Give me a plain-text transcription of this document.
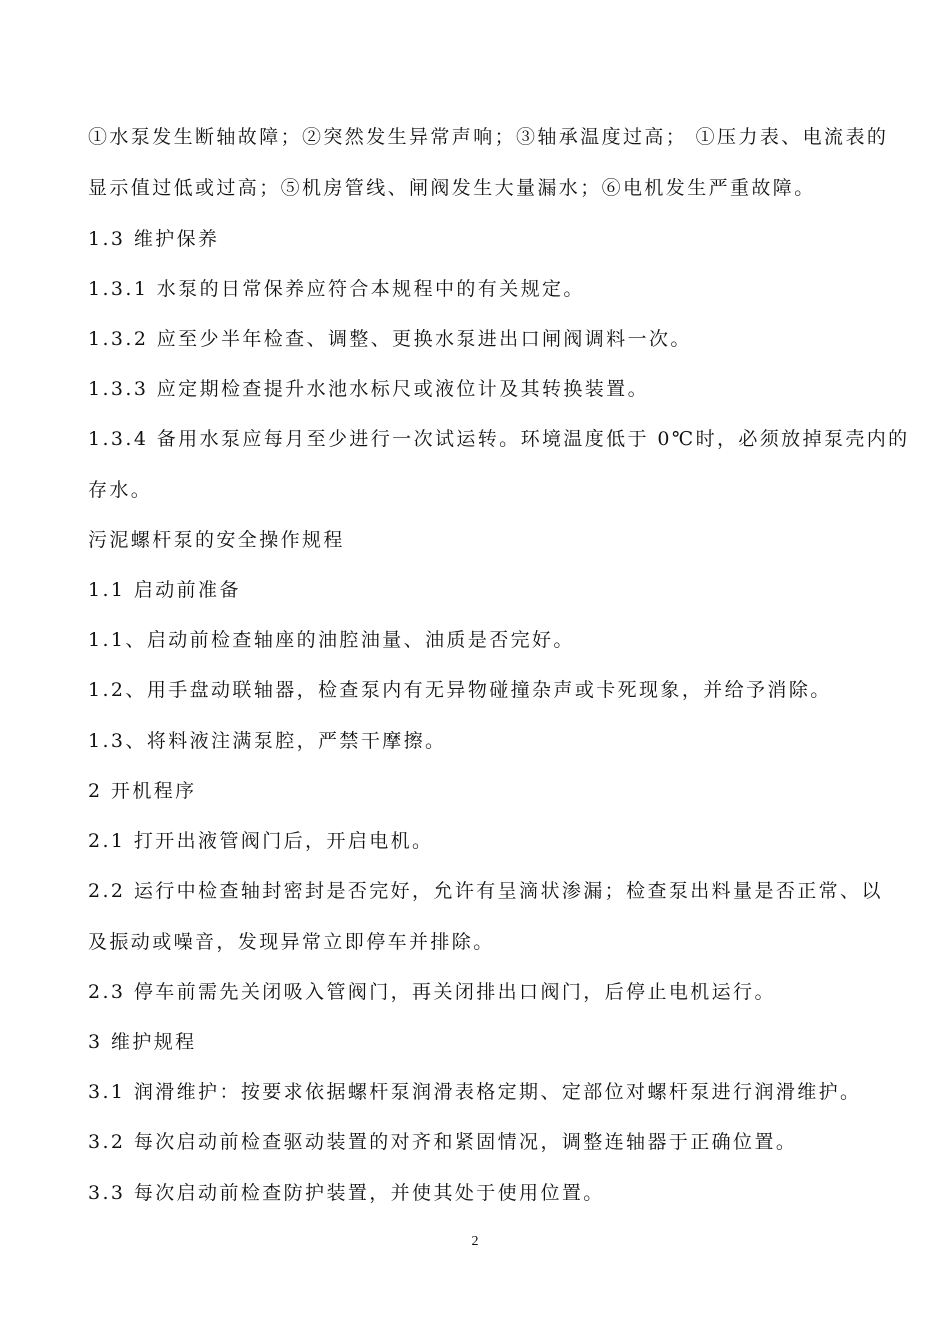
①水泵发生断轴故障；②突然发生异常声响；③轴承温度过高； ①压力表、电流表的
显示值过低或过高；⑤机房管线、闸阀发生大量漏水；⑥电机发生严重故障。
1.3 维护保养
1.3.1 水泵的日常保养应符合本规程中的有关规定。
1.3.2 应至少半年检查、调整、更换水泵进出口闸阀调料一次。
1.3.3 应定期检查提升水池水标尺或液位计及其转换装置。
1.3.4 备用水泵应每月至少进行一次试运转。环境温度低于 0℃时，必须放掉泵壳内的
存水。
污泥螺杆泵的安全操作规程
1.1 启动前准备
1.1、启动前检查轴座的油腔油量、油质是否完好。
1.2、用手盘动联轴器，检查泵内有无异物碰撞杂声或卡死现象，并给予消除。
1.3、将料液注满泵腔，严禁干摩擦。
2 开机程序
2.1 打开出液管阀门后，开启电机。
2.2 运行中检查轴封密封是否完好，允许有呈滴状渗漏；检查泵出料量是否正常、以
及振动或噪音，发现异常立即停车并排除。
2.3 停车前需先关闭吸入管阀门，再关闭排出口阀门，后停止电机运行。
3 维护规程
3.1 润滑维护：按要求依据螺杆泵润滑表格定期、定部位对螺杆泵进行润滑维护。
3.2 每次启动前检查驱动装置的对齐和紧固情况，调整连轴器于正确位置。
3.3 每次启动前检查防护装置，并使其处于使用位置。
2
